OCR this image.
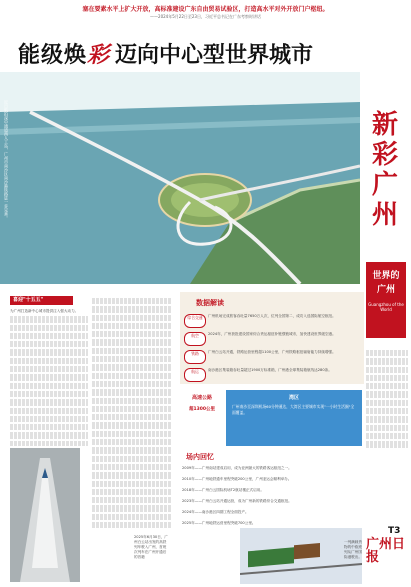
塞在要素水平上扩大开放，高标准建设广东自由贸易试验区，打造高水平对外开放门户枢纽。
——2024年5月22日至23日，习近平总书记在广东考察时讲话
能级焕彩 迈向中心型世界城市
近日航拍深中通道西人工岛，广州市南沙区南沙港铁路进一步完善。	新
彩
广
州
世界的
广州
Guangzhou of the World
T3
广州日报
喜迎"十五五"
为广州打造新中心城市提供注入强大动力。
2025年6月30日，广州白云站出发的高铁列车驶入广州，首班次列车在广州开通后的首趟
数据解读
综合交通	广州机场完成旅客吞吐量7650万人次，位列全国第二，成功入选国际航空枢纽。
航空	2024年，广州获批建设国家综合货运枢纽补链强链城市，加快建设世界级空港。
铁路	广州白云站开通，铁路运营里程超1100公里，广州铁路枢纽辐射能力持续增强。
航运	南沙港区集装箱吞吐量超过1900万标准箱，广州港全球集装箱航线达280条。
高速公路
超1300公里
湾区
广州南沙至深圳机场60分钟通达，大湾区主要城市实现"一小时生活圈"全面覆盖。
场内回忆
2009年——广州南站建成启用，成为亚洲最大的铁路客运枢纽之一。
2010年——广州地铁通车里程突破200公里，广州亚运会顺利举办。
2018年——广州白云国际机场T2航站楼正式启用。
2023年——广州白云站开通运营，成为广州新的铁路综合交通枢纽。
2024年——南沙港区四期工程全面投产。
2025年——广州地铁运营里程突破700公里。
一列满载货物的中欧班列从广州国际港驶出。
